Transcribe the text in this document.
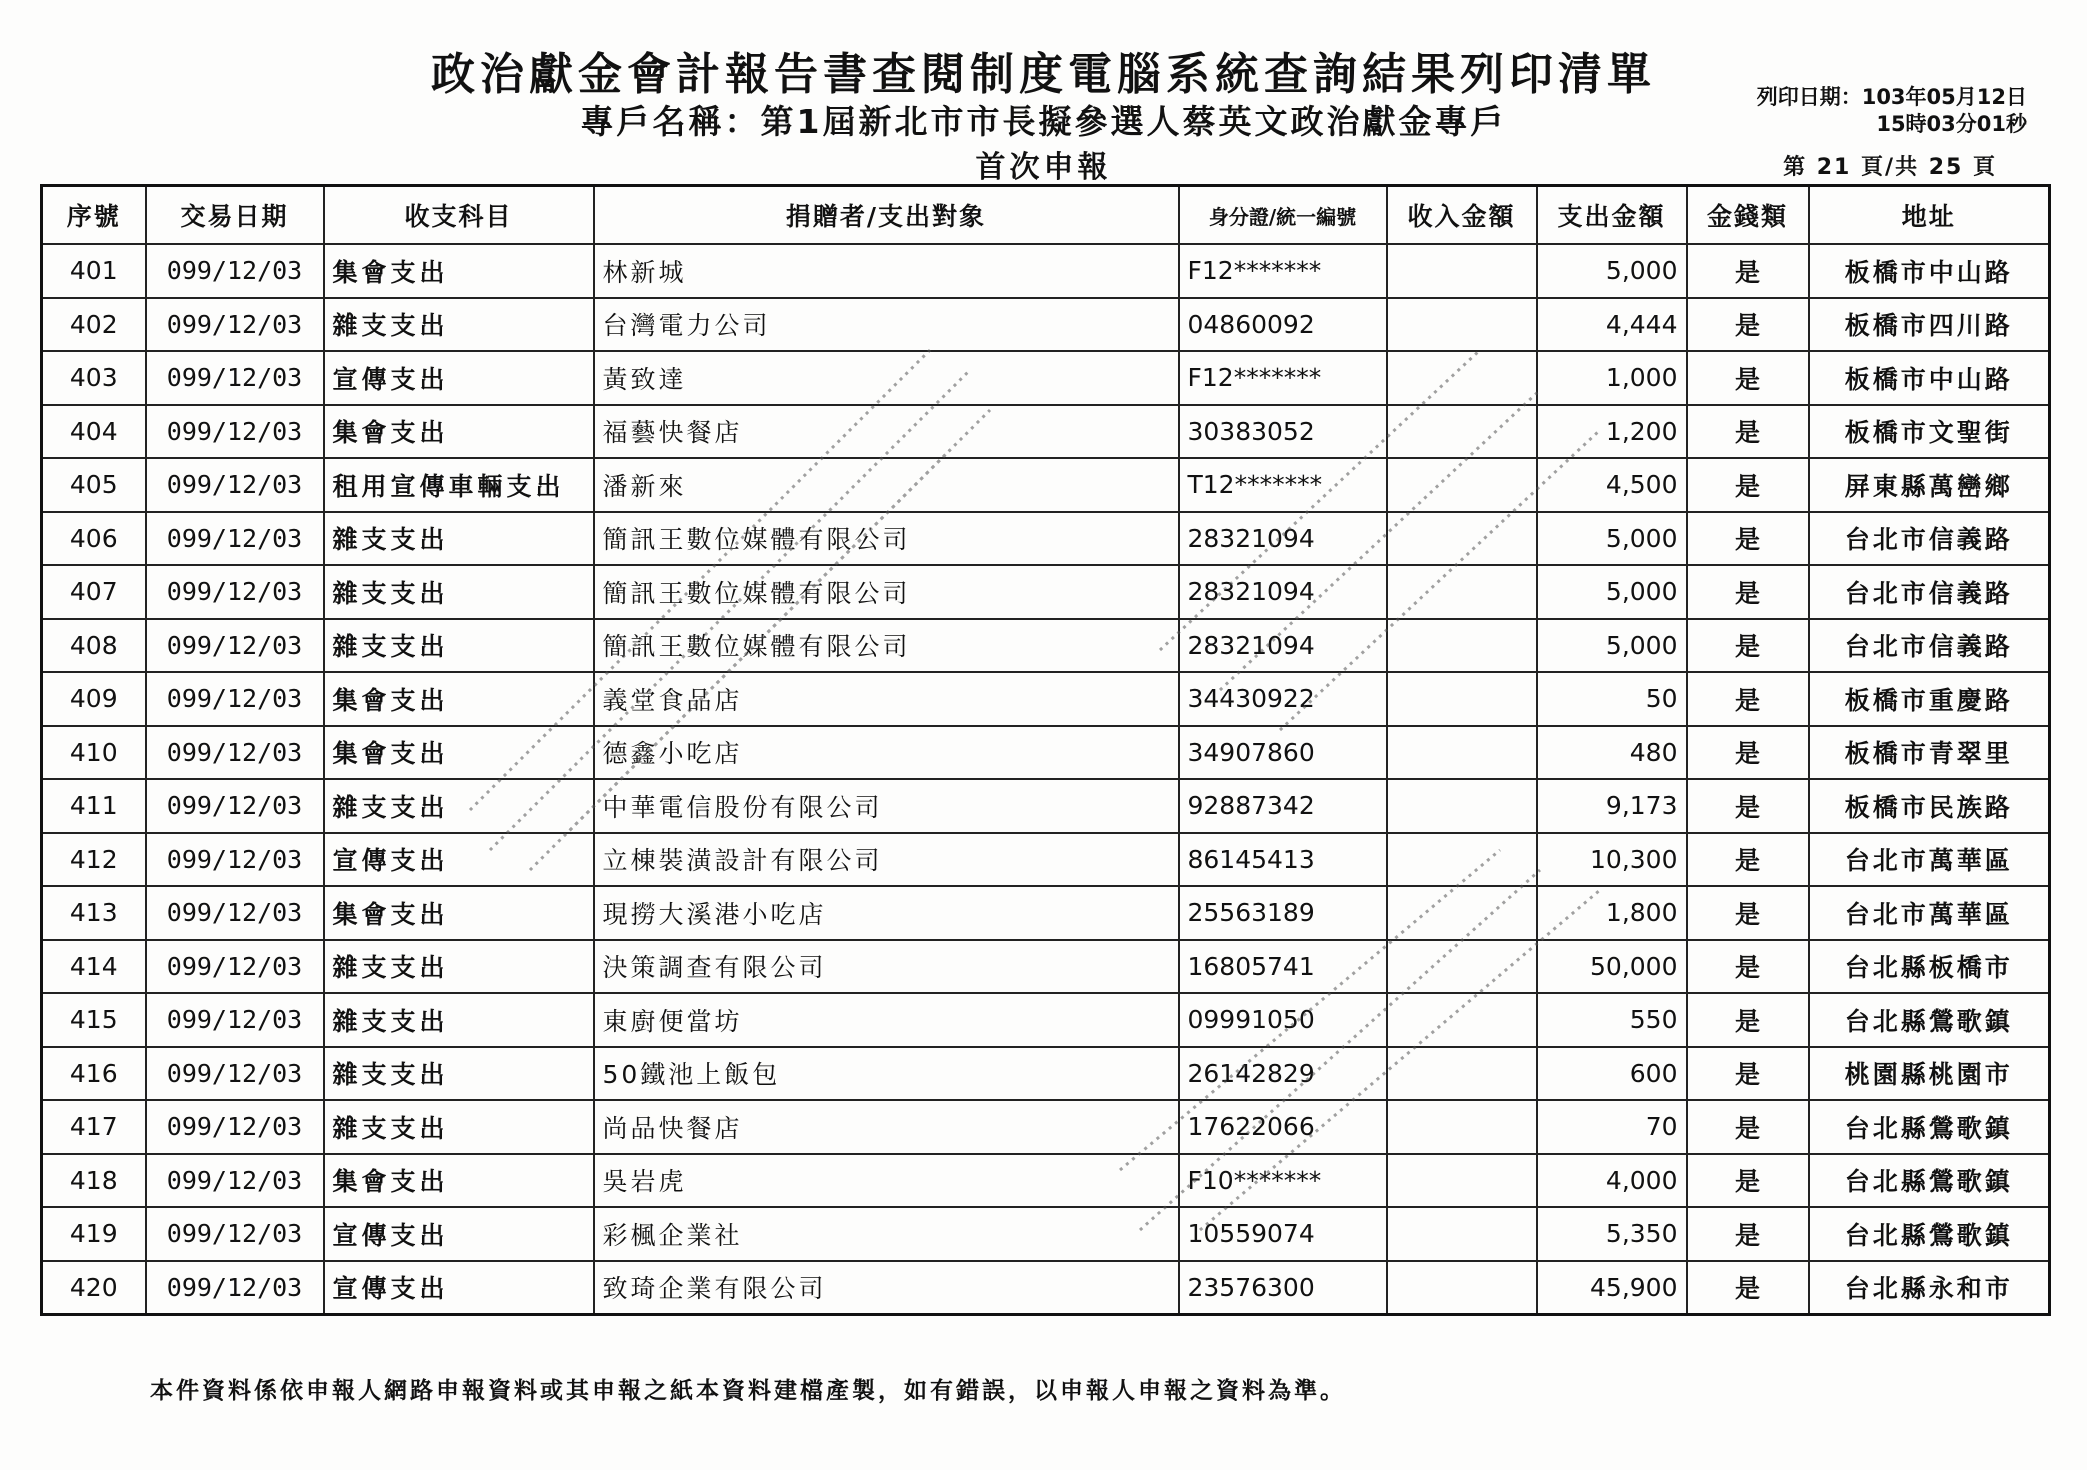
政治獻金會計報告書查閱制度電腦系統查詢結果列印清單
專戶名稱：第1屆新北市市長擬參選人蔡英文政治獻金專戶
首次申報
列印日期：103年05月12日
15時03分01秒
第 21 頁/共 25 頁
序號	交易日期	收支科目	捐贈者/支出對象	身分證/統一編號	收入金額	支出金額	金錢類	地址
401	099/12/03	集會支出	林新城	F12*******		5,000	是	板橋市中山路
402	099/12/03	雜支支出	台灣電力公司	04860092		4,444	是	板橋市四川路
403	099/12/03	宣傳支出	黃致達	F12*******		1,000	是	板橋市中山路
404	099/12/03	集會支出	福藝快餐店	30383052		1,200	是	板橋市文聖街
405	099/12/03	租用宣傳車輛支出	潘新來	T12*******		4,500	是	屏東縣萬巒鄉
406	099/12/03	雜支支出	簡訊王數位媒體有限公司	28321094		5,000	是	台北市信義路
407	099/12/03	雜支支出	簡訊王數位媒體有限公司	28321094		5,000	是	台北市信義路
408	099/12/03	雜支支出	簡訊王數位媒體有限公司	28321094		5,000	是	台北市信義路
409	099/12/03	集會支出	義堂食品店	34430922		50	是	板橋市重慶路
410	099/12/03	集會支出	德鑫小吃店	34907860		480	是	板橋市青翠里
411	099/12/03	雜支支出	中華電信股份有限公司	92887342		9,173	是	板橋市民族路
412	099/12/03	宣傳支出	立棟裝潢設計有限公司	86145413		10,300	是	台北市萬華區
413	099/12/03	集會支出	現撈大溪港小吃店	25563189		1,800	是	台北市萬華區
414	099/12/03	雜支支出	決策調查有限公司	16805741		50,000	是	台北縣板橋市
415	099/12/03	雜支支出	東廚便當坊	09991050		550	是	台北縣鶯歌鎮
416	099/12/03	雜支支出	50鐵池上飯包	26142829		600	是	桃園縣桃園市
417	099/12/03	雜支支出	尚品快餐店	17622066		70	是	台北縣鶯歌鎮
418	099/12/03	集會支出	吳岩虎	F10*******		4,000	是	台北縣鶯歌鎮
419	099/12/03	宣傳支出	彩楓企業社	10559074		5,350	是	台北縣鶯歌鎮
420	099/12/03	宣傳支出	致琦企業有限公司	23576300		45,900	是	台北縣永和市
本件資料係依申報人網路申報資料或其申報之紙本資料建檔產製，如有錯誤，以申報人申報之資料為準。
